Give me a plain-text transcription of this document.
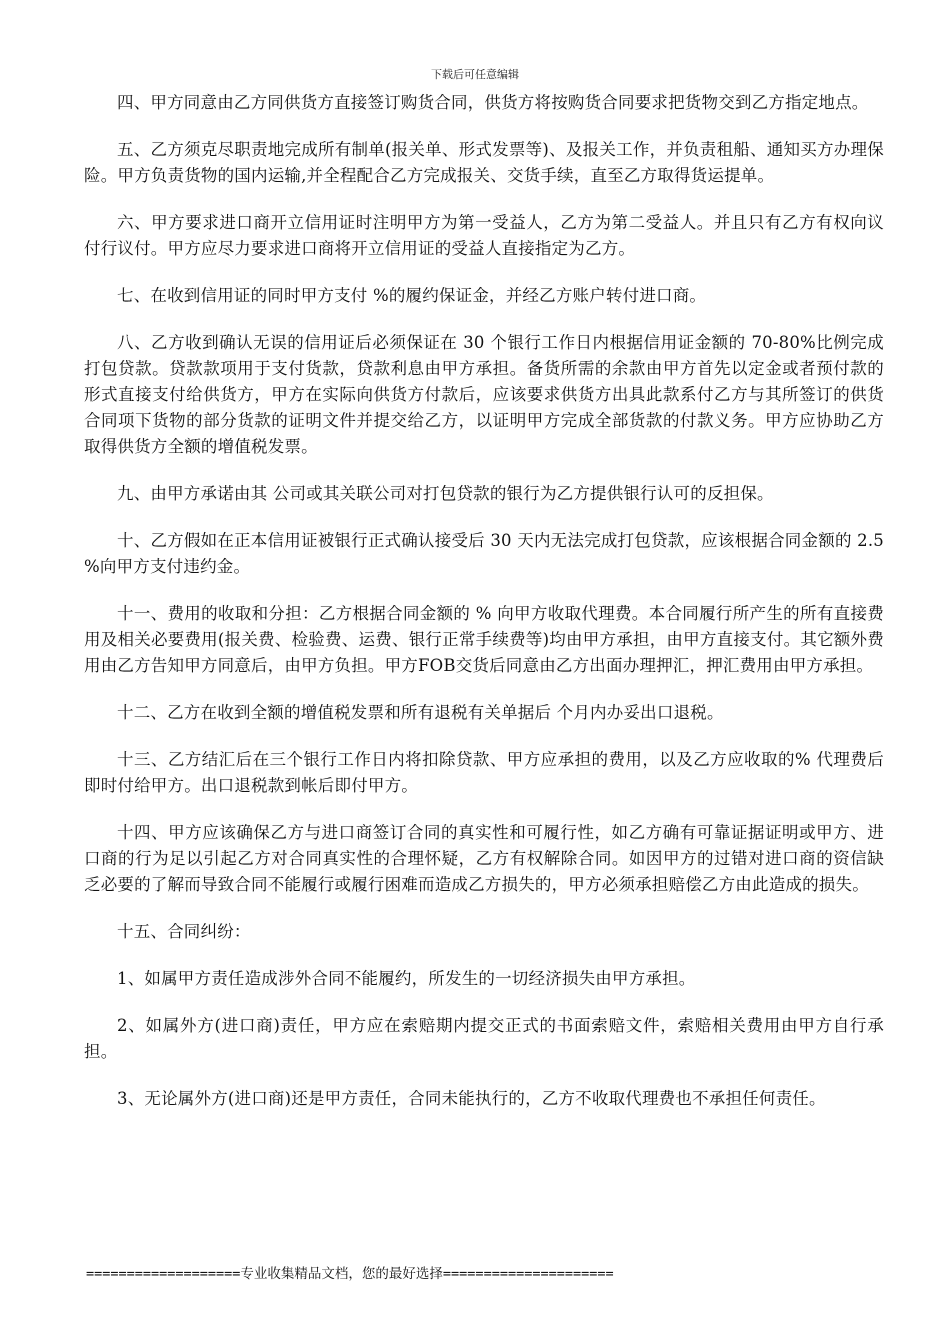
下载后可任意编辑

四、甲方同意由乙方同供货方直接签订购货合同，供货方将按购货合同要求把货物交到乙方指定地点。

五、乙方须克尽职责地完成所有制单(报关单、形式发票等)、及报关工作，并负责租船、通知买方办理保险。甲方负责货物的国内运输,并全程配合乙方完成报关、交货手续，直至乙方取得货运提单。

六、甲方要求进口商开立信用证时注明甲方为第一受益人，乙方为第二受益人。并且只有乙方有权向议付行议付。甲方应尽力要求进口商将开立信用证的受益人直接指定为乙方。

七、在收到信用证的同时甲方支付 %的履约保证金，并经乙方账户转付进口商。

八、乙方收到确认无误的信用证后必须保证在 30 个银行工作日内根据信用证金额的 70-80%比例完成打包贷款。贷款款项用于支付货款，贷款利息由甲方承担。备货所需的余款由甲方首先以定金或者预付款的形式直接支付给供货方，甲方在实际向供货方付款后，应该要求供货方出具此款系付乙方与其所签订的供货合同项下货物的部分货款的证明文件并提交给乙方，以证明甲方完成全部货款的付款义务。甲方应协助乙方取得供货方全额的增值税发票。

九、由甲方承诺由其 公司或其关联公司对打包贷款的银行为乙方提供银行认可的反担保。

十、乙方假如在正本信用证被银行正式确认接受后 30 天内无法完成打包贷款，应该根据合同金额的 2.5 %向甲方支付违约金。

十一、费用的收取和分担：乙方根据合同金额的 % 向甲方收取代理费。本合同履行所产生的所有直接费用及相关必要费用(报关费、检验费、运费、银行正常手续费等)均由甲方承担，由甲方直接支付。其它额外费用由乙方告知甲方同意后，由甲方负担。甲方FOB交货后同意由乙方出面办理押汇，押汇费用由甲方承担。

十二、乙方在收到全额的增值税发票和所有退税有关单据后 个月内办妥出口退税。

十三、乙方结汇后在三个银行工作日内将扣除贷款、甲方应承担的费用，以及乙方应收取的% 代理费后即时付给甲方。出口退税款到帐后即付甲方。

十四、甲方应该确保乙方与进口商签订合同的真实性和可履行性，如乙方确有可靠证据证明或甲方、进口商的行为足以引起乙方对合同真实性的合理怀疑，乙方有权解除合同。如因甲方的过错对进口商的资信缺乏必要的了解而导致合同不能履行或履行困难而造成乙方损失的，甲方必须承担赔偿乙方由此造成的损失。

十五、合同纠纷：

1、如属甲方责任造成涉外合同不能履约，所发生的一切经济损失由甲方承担。

2、如属外方(进口商)责任，甲方应在索赔期内提交正式的书面索赔文件，索赔相关费用由甲方自行承担。

3、无论属外方(进口商)还是甲方责任，合同未能执行的，乙方不收取代理费也不承担任何责任。

===================专业收集精品文档，您的最好选择=====================
